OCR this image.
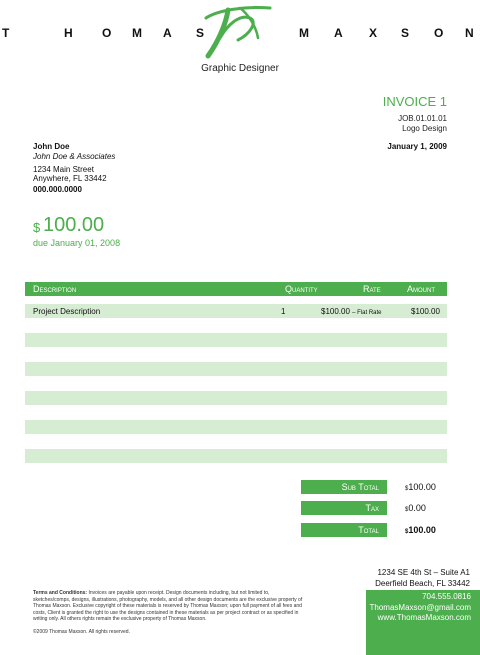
T	H O M A S	M A X S O N
Graphic Designer
INVOICE 1
JOB.01.01.01
Logo Design
January 1, 2009
John Doe
John Doe & Associates
1234 Main Street
Anywhere, FL 33442
000.000.0000
$ 100.00
due January 01, 2008
Description	Quantity	Rate	Amount
Project Description	1	$100.00 – Flat Rate	$100.00
Sub Total	$100.00
Tax	$0.00
Total	$100.00
Terms and Conditions: Invoices are payable upon receipt. Design documents including, but not limited to, sketches/comps, designs, illustrations, photography, models, and all other design documents are the exclusive property of Thomas Maxson. Exclusive copyright of these materials is reserved by Thomas Maxson; upon full payment of all fees and costs, Client is granted the right to use the designs contained in these materials as per project contract or as specified in writing only. All others rights remain the exclusive property of Thomas Maxson.
©2009 Thomas Maxson. All rights reserved.
1234 SE 4th St – Suite A1
Deerfield Beach, FL 33442
704.555.0816
ThomasMaxson@gmail.com
www.ThomasMaxson.com
